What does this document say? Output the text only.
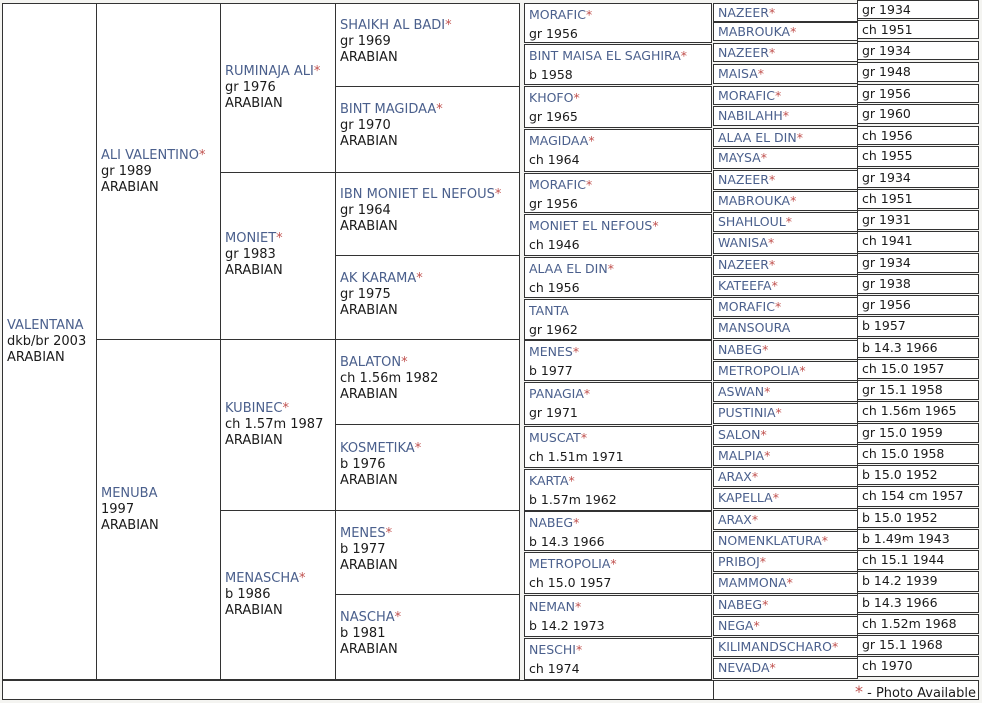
VALENTANA
dkb/br 2003
ARABIAN
ALI VALENTINO*
gr 1989
ARABIAN
MENUBA
1997
ARABIAN
RUMINAJA ALI*
gr 1976
ARABIAN
MONIET*
gr 1983
ARABIAN
KUBINEC*
ch 1.57m 1987
ARABIAN
MENASCHA*
b 1986
ARABIAN
SHAIKH AL BADI*
gr 1969
ARABIAN
BINT MAGIDAA*
gr 1970
ARABIAN
IBN MONIET EL NEFOUS*
gr 1964
ARABIAN
AK KARAMA*
gr 1975
ARABIAN
BALATON*
ch 1.56m 1982
ARABIAN
KOSMETIKA*
b 1976
ARABIAN
MENES*
b 1977
ARABIAN
NASCHA*
b 1981
ARABIAN
MORAFIC*
gr 1956
BINT MAISA EL SAGHIRA*
b 1958
KHOFO*
gr 1965
MAGIDAA*
ch 1964
MORAFIC*
gr 1956
MONIET EL NEFOUS*
ch 1946
ALAA EL DIN*
ch 1956
TANTA
gr 1962
MENES*
b 1977
PANAGIA*
gr 1971
MUSCAT*
ch 1.51m 1971
KARTA*
b 1.57m 1962
NABEG*
b 14.3 1966
METROPOLIA*
ch 15.0 1957
NEMAN*
b 14.2 1973
NESCHI*
ch 1974
NAZEER*
MABROUKA*
NAZEER*
MAISA*
MORAFIC*
NABILAHH*
ALAA EL DIN*
MAYSA*
NAZEER*
MABROUKA*
SHAHLOUL*
WANISA*
NAZEER*
KATEEFA*
MORAFIC*
MANSOURA
NABEG*
METROPOLIA*
ASWAN*
PUSTINIA*
SALON*
MALPIA*
ARAX*
KAPELLA*
ARAX*
NOMENKLATURA*
PRIBOJ*
MAMMONA*
NABEG*
NEGA*
KILIMANDSCHARO*
NEVADA*
gr 1934
ch 1951
gr 1934
gr 1948
gr 1956
gr 1960
ch 1956
ch 1955
gr 1934
ch 1951
gr 1931
ch 1941
gr 1934
gr 1938
gr 1956
b 1957
b 14.3 1966
ch 15.0 1957
gr 15.1 1958
ch 1.56m 1965
gr 15.0 1959
ch 15.0 1958
b 15.0 1952
ch 154 cm 1957
b 15.0 1952
b 1.49m 1943
ch 15.1 1944
b 14.2 1939
b 14.3 1966
ch 1.52m 1968
gr 15.1 1968
ch 1970
* - Photo Available
